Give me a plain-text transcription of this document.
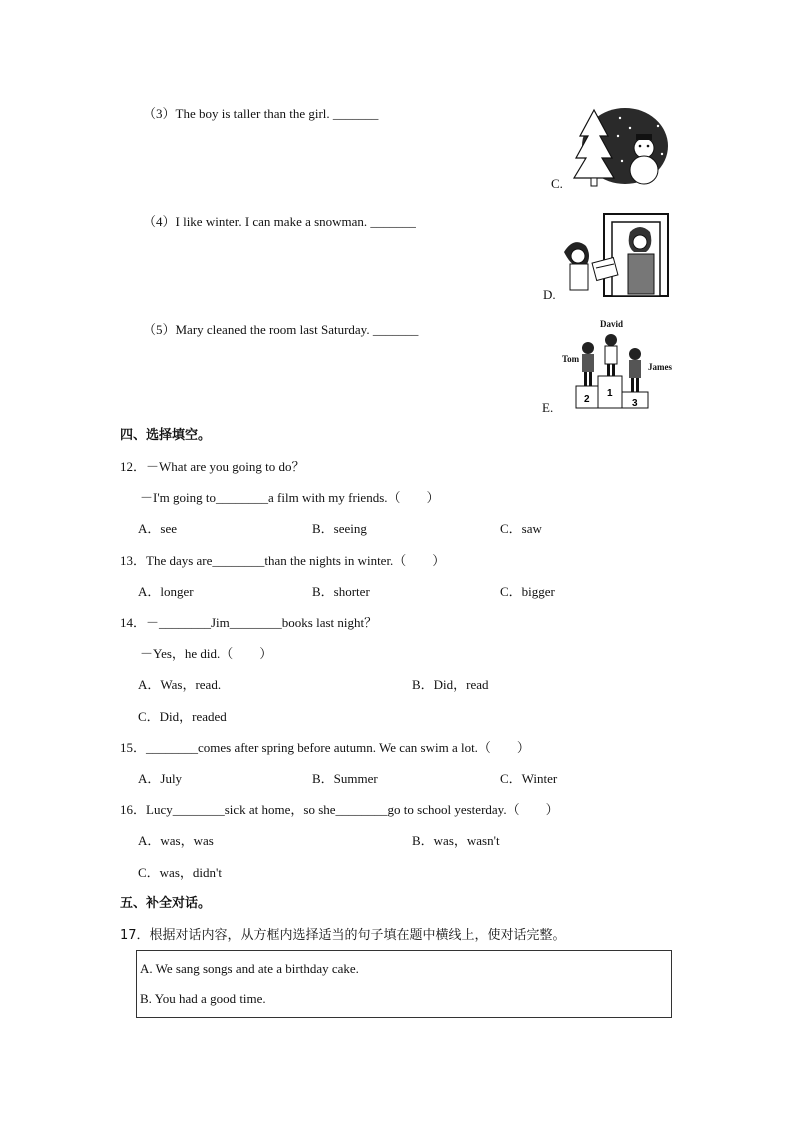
（3）The boy is taller than the girl. _______
（4）I like winter. I can make a snowman. _______
（5）Mary cleaned the room last Saturday. _______
C.
D.
E.
David
Tom
James
2
1
3
四、选择填空。
12．－What are you going to do？
－I'm going to________a film with my friends.（　　）
A．see	B．seeing	C．saw
13．The days are________than the nights in winter.（　　）
A．longer	B．shorter	C．bigger
14．－________Jim________books last night？
－Yes，he did.（　　）
A．Was，read.	B．Did，read
C．Did，readed
15．________comes after spring before autumn. We can swim a lot.（　　）
A．July	B．Summer	C．Winter
16．Lucy________sick at home，so she________go to school yesterday.（　　）
A．was，was	B．was，wasn't
C．was，didn't
五、补全对话。
17．根据对话内容，从方框内选择适当的句子填在题中横线上，使对话完整。
A. We sang songs and ate a birthday cake.
B. You had a good time.
